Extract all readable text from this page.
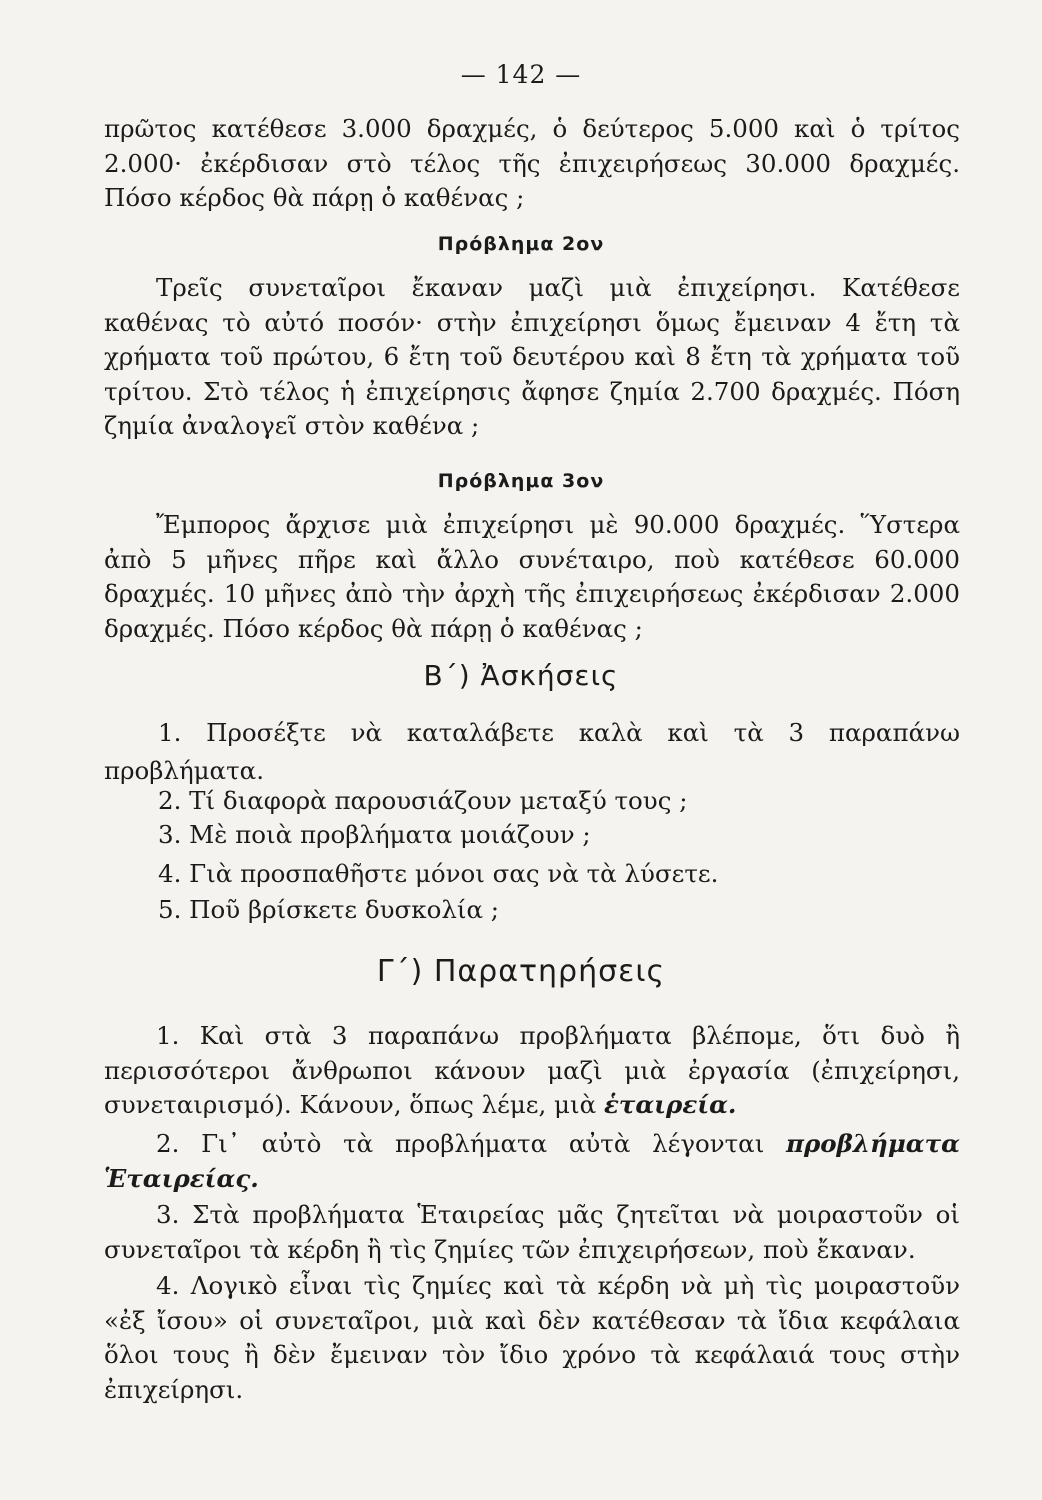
— 142 —

πρῶτος κατέθεσε 3.000 δραχμές, ὁ δεύτερος 5.000 καὶ ὁ τρίτος 2.000· ἐκέρδισαν στὸ τέλος τῆς ἐπιχειρήσεως 30.000 δραχμές. Πόσο κέρδος θὰ πάρῃ ὁ καθένας ;

Πρόβλημα 2ον

Τρεῖς συνεταῖροι ἔκαναν μαζὶ μιὰ ἐπιχείρησι. Κατέθεσε καθένας τὸ αὐτό ποσόν· στὴν ἐπιχείρησι ὅμως ἔμειναν 4 ἔτη τὰ χρήματα τοῦ πρώτου, 6 ἔτη τοῦ δευτέρου καὶ 8 ἔτη τὰ χρήματα τοῦ τρίτου. Στὸ τέλος ἡ ἐπιχείρησις ἄφησε ζημία 2.700 δραχμές. Πόση ζημία ἀναλογεῖ στὸν καθένα ;

Πρόβλημα 3ον

Ἔμπορος ἄρχισε μιὰ ἐπιχείρησι μὲ 90.000 δραχμές. Ὕστερα ἀπὸ 5 μῆνες πῆρε καὶ ἄλλο συνέταιρο, ποὺ κατέθεσε 60.000 δραχμές. 10 μῆνες ἀπὸ τὴν ἀρχὴ τῆς ἐπιχειρήσεως ἐκέρδισαν 2.000 δραχμές. Πόσο κέρδος θὰ πάρῃ ὁ καθένας ;

Β΄) Ἀσκήσεις
1. Προσέξτε νὰ καταλάβετε καλὰ καὶ τὰ 3 παραπάνω προβλήματα.
2. Τί διαφορὰ παρουσιάζουν μεταξύ τους ;
3. Μὲ ποιὰ προβλήματα μοιάζουν ;
4. Γιὰ προσπαθῆστε μόνοι σας νὰ τὰ λύσετε.
5. Ποῦ βρίσκετε δυσκολία ;
Γ΄) Παρατηρήσεις

1. Καὶ στὰ 3 παραπάνω προβλήματα βλέπομε, ὅτι δυὸ ἢ περισσότεροι ἄνθρωποι κάνουν μαζὶ μιὰ ἐργασία (ἐπιχείρησι, συνεταιρισμό). Κάνουν, ὅπως λέμε, μιὰ ἑταιρεία.

2. Γι᾿ αὐτὸ τὰ προβλήματα αὐτὰ λέγονται προβλήματα Ἑταιρείας.

3. Στὰ προβλήματα Ἑταιρείας μᾶς ζητεῖται νὰ μοιραστοῦν οἱ συνεταῖροι τὰ κέρδη ἢ τὶς ζημίες τῶν ἐπιχειρήσεων, ποὺ ἔκαναν.

4. Λογικὸ εἶναι τὶς ζημίες καὶ τὰ κέρδη νὰ μὴ τὶς μοιραστοῦν «ἐξ ἴσου» οἱ συνεταῖροι, μιὰ καὶ δὲν κατέθεσαν τὰ ἴδια κεφάλαια ὅλοι τους ἢ δὲν ἔμειναν τὸν ἴδιο χρόνο τὰ κεφάλαιά τους στὴν ἐπιχείρησι.
